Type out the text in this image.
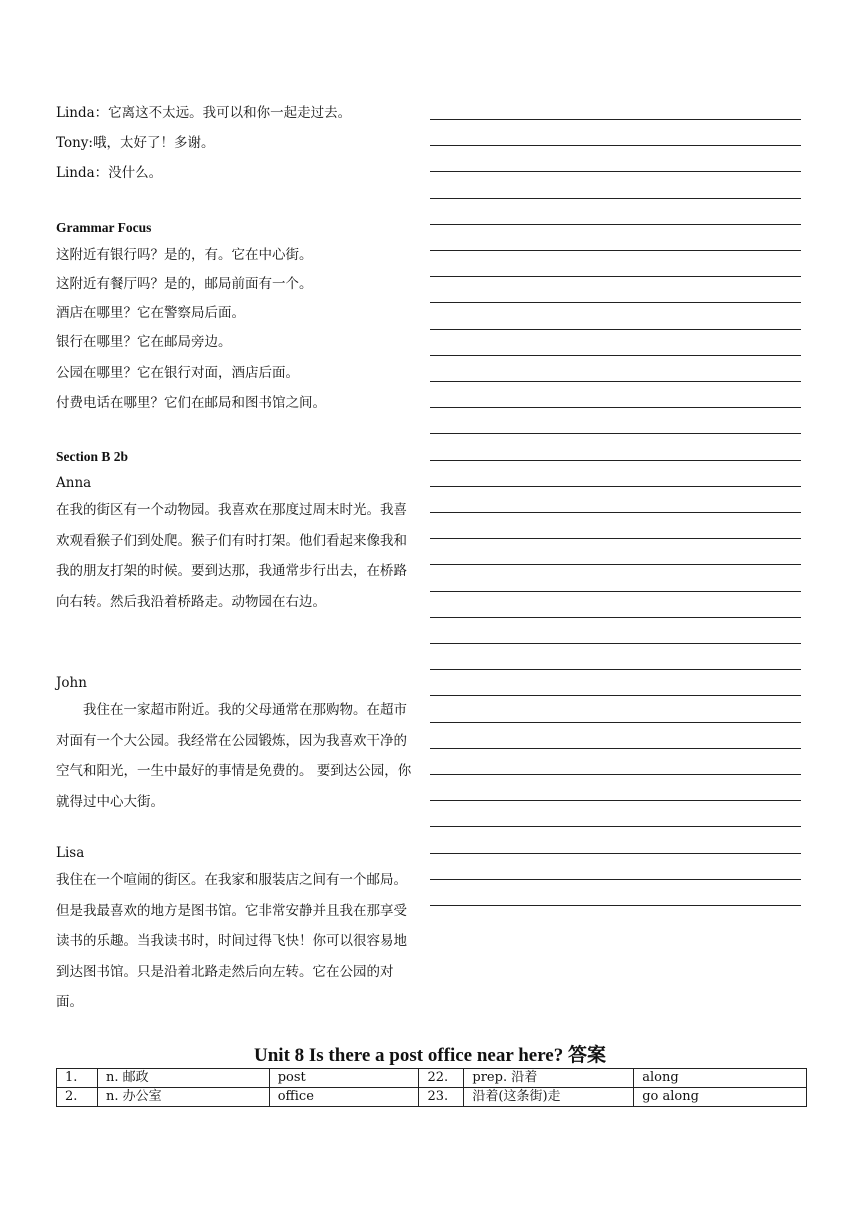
Linda：它离这不太远。我可以和你一起走过去。
Tony:哦，太好了！多谢。
Linda：没什么。
Grammar Focus
这附近有银行吗？是的，有。它在中心街。
这附近有餐厅吗？是的，邮局前面有一个。
酒店在哪里？它在警察局后面。
银行在哪里？它在邮局旁边。
公园在哪里？它在银行对面，酒店后面。
付费电话在哪里？它们在邮局和图书馆之间。
Section B 2b
Anna
在我的街区有一个动物园。我喜欢在那度过周末时光。我喜欢观看猴子们到处爬。猴子们有时打架。他们看起来像我和我的朋友打架的时候。要到达那，我通常步行出去，在桥路向右转。然后我沿着桥路走。动物园在右边。
John
我住在一家超市附近。我的父母通常在那购物。在超市对面有一个大公园。我经常在公园锻炼，因为我喜欢干净的空气和阳光，一生中最好的事情是免费的。 要到达公园，你就得过中心大街。
Lisa
我住在一个喧闹的街区。在我家和服装店之间有一个邮局。但是我最喜欢的地方是图书馆。它非常安静并且我在那享受读书的乐趣。当我读书时，时间过得飞快！你可以很容易地到达图书馆。只是沿着北路走然后向左转。它在公园的对面。
Unit 8 Is there a post office near here? 答案
1.	n. 邮政	post	22.	prep. 沿着	along
2.	n. 办公室	office	23.	沿着(这条街)走	go along
